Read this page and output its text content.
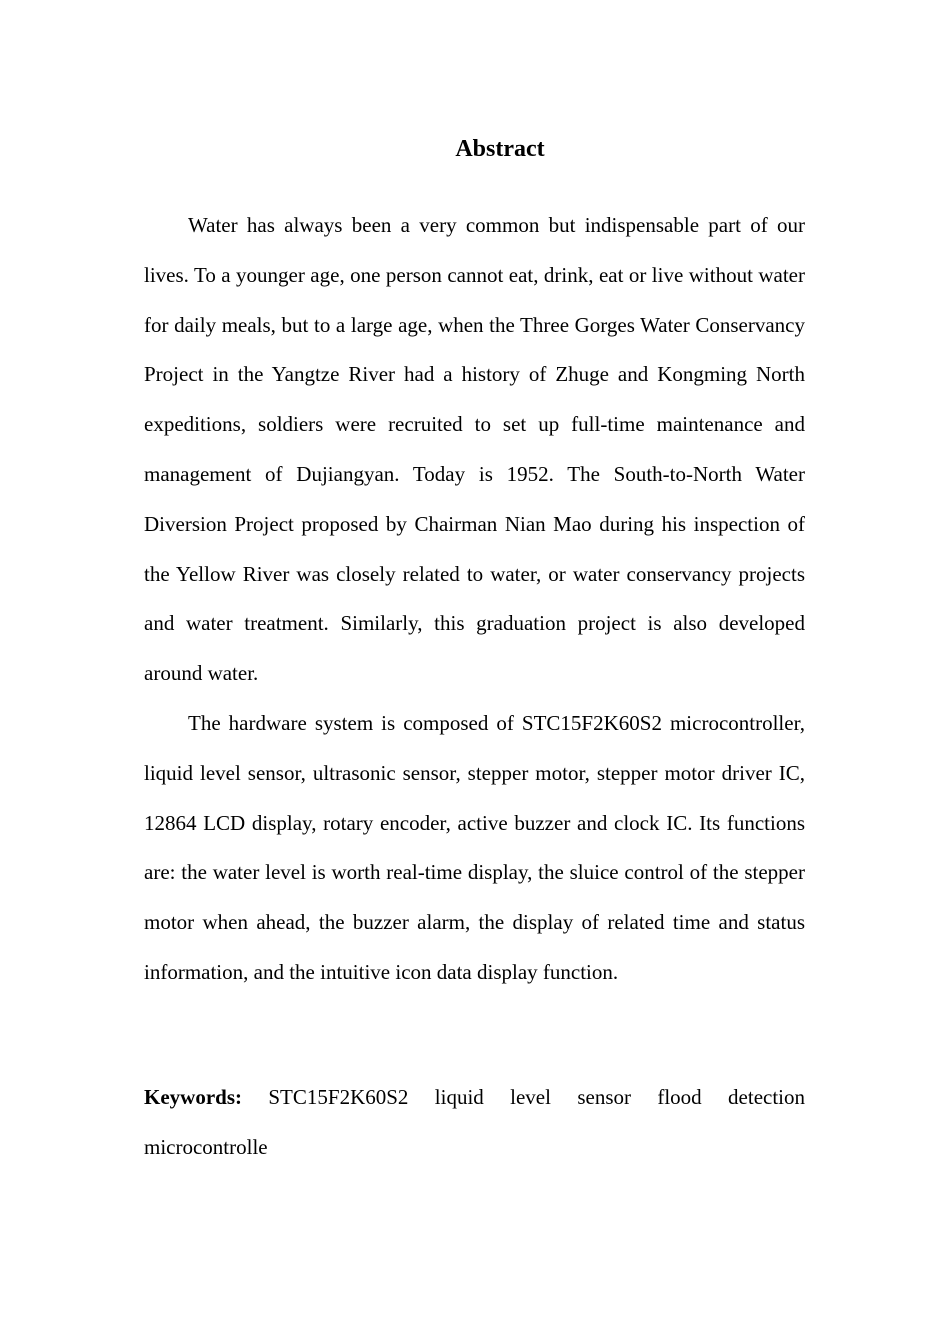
Abstract

Water has always been a very common but indispensable part of our lives. To a younger age, one person cannot eat, drink, eat or live without water for daily meals, but to a large age, when the Three Gorges Water Conservancy Project in the Yangtze River had a history of Zhuge and Kongming North expeditions, soldiers were recruited to set up full-time maintenance and management of Dujiangyan. Today is 1952. The South-to-North Water Diversion Project proposed by Chairman Nian Mao during his inspection of the Yellow River was closely related to water, or water conservancy projects and water treatment. Similarly, this graduation project is also developed around water.

The hardware system is composed of STC15F2K60S2 microcontroller, liquid level sensor, ultrasonic sensor, stepper motor, stepper motor driver IC, 12864 LCD display, rotary encoder, active buzzer and clock IC. Its functions are: the water level is worth real-time display, the sluice control of the stepper motor when ahead, the buzzer alarm, the display of related time and status information, and the intuitive icon data display function.

Keywords: STC15F2K60S2 liquid level sensor flood detection microcontrolle
